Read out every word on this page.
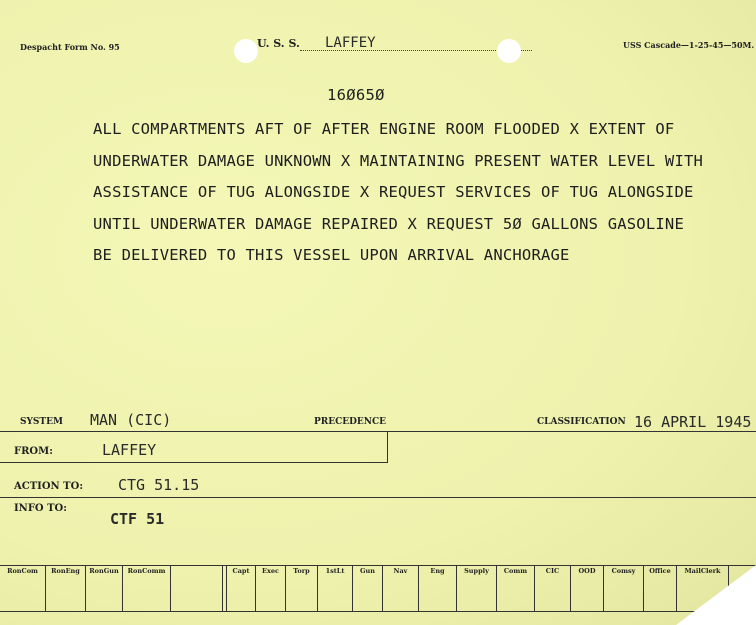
Despacht Form No. 95	U. S. S. LAFFEY	USS Cascade—1-25-45—50M.
16Ø65Ø
ALL COMPARTMENTS AFT OF AFTER ENGINE ROOM FLOODED X EXTENT OF
UNDERWATER DAMAGE UNKNOWN X MAINTAINING PRESENT WATER LEVEL WITH
ASSISTANCE OF TUG ALONGSIDE X REQUEST SERVICES OF TUG ALONGSIDE
UNTIL UNDERWATER DAMAGE REPAIRED X REQUEST 5Ø GALLONS GASOLINE
BE DELIVERED TO THIS VESSEL UPON ARRIVAL ANCHORAGE
SYSTEM MAN (CIC)	PRECEDENCE	CLASSIFICATION 16 APRIL 1945
FROM:	LAFFEY
ACTION TO: CTG 51.15
INFO TO:
CTF 51
RonCom	RonEng	RonGun	RonComm	Capt	Exec	Torp	1stLt	Gun	Nav	Eng	Supply	Comm	CIC	OOD	Comsy	Office	MailClerk
